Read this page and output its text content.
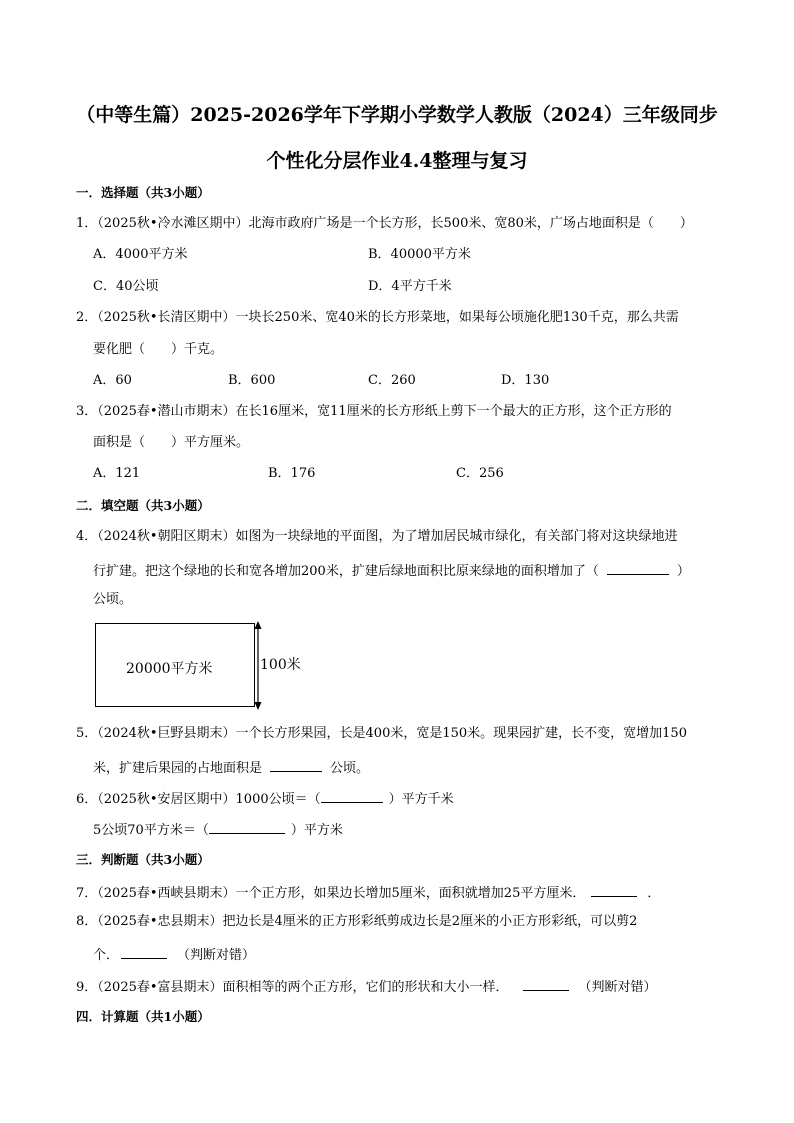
（中等生篇）2025-2026学年下学期小学数学人教版（2024）三年级同步
个性化分层作业4.4整理与复习
一．选择题（共3小题）
1．（2025秋•冷水滩区期中）北海市政府广场是一个长方形，长500米、宽80米，广场占地面积是（　　）
A．4000平方米	B．40000平方米
C．40公顷	D．4平方千米
2．（2025秋•长清区期中）一块长250米、宽40米的长方形菜地，如果每公顷施化肥130千克，那么共需
要化肥（　　）千克。
A．60	B．600	C．260	D．130
3．（2025春•潜山市期末）在长16厘米，宽11厘米的长方形纸上剪下一个最大的正方形，这个正方形的
面积是（　　）平方厘米。
A．121	B．176	C．256
二．填空题（共3小题）
4．（2024秋•朝阳区期末）如图为一块绿地的平面图，为了增加居民城市绿化，有关部门将对这块绿地进
行扩建。把这个绿地的长和宽各增加200米，扩建后绿地面积比原来绿地的面积增加了（	）
公顷。
20000平方米	100米
5．（2024秋•巨野县期末）一个长方形果园，长是400米，宽是150米。现果园扩建，长不变，宽增加150
米，扩建后果园的占地面积是	公顷。
6．（2025秋•安居区期中）1000公顷＝（	）平方千米
5公顷70平方米＝（	）平方米
三．判断题（共3小题）
7．（2025春•西峡县期末）一个正方形，如果边长增加5厘米，面积就增加25平方厘米．	．
8．（2025春•忠县期末）把边长是4厘米的正方形彩纸剪成边长是2厘米的小正方形彩纸，可以剪2
个．	（判断对错）
9．（2025春•富县期末）面积相等的两个正方形，它们的形状和大小一样．	（判断对错）
四．计算题（共1小题）
